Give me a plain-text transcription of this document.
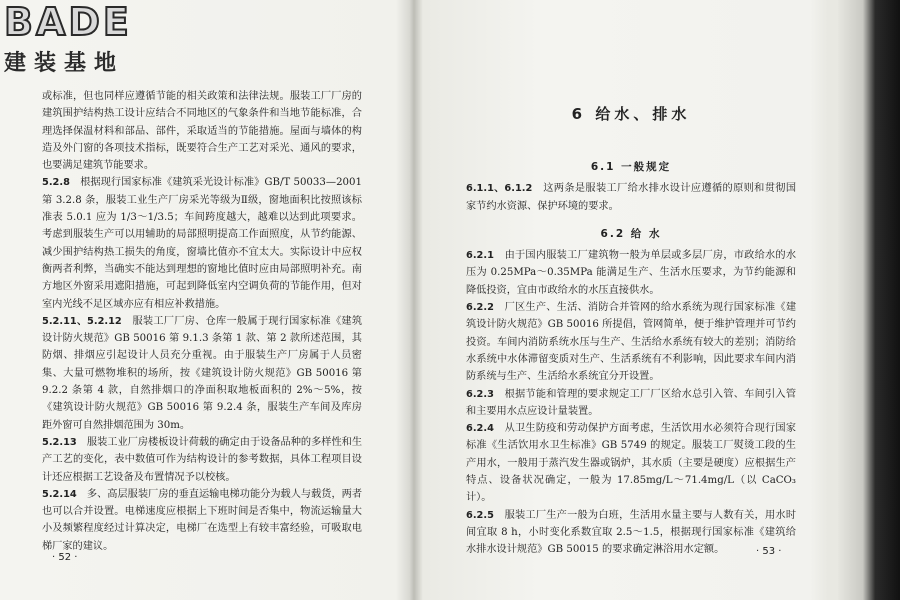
BADE
建装基地

或标准，但也同样应遵循节能的相关政策和法律法规。服装工厂厂房的建筑围护结构热工设计应结合不同地区的气象条件和当地节能标准，合理选择保温材料和部品、部件，采取适当的节能措施。屋面与墙体的构造及外门窗的各项技术指标，既要符合生产工艺对采光、通风的要求，也要满足建筑节能要求。

5.2.8　 根据现行国家标准《建筑采光设计标准》GB/T 50033—2001 第 3.2.8 条，服装工业生产厂房采光等级为Ⅱ级，窗地面积比按照该标准表 5.0.1 应为 1/3～1/3.5；车间跨度越大，越难以达到此项要求。考虑到服装生产可以用辅助的局部照明提高工作面照度，从节约能源、减少围护结构热工损失的角度，窗墙比值亦不宜太大。实际设计中应权衡两者利弊，当确实不能达到理想的窗地比值时应由局部照明补充。南方地区外窗采用遮阳措施，可起到降低室内空调负荷的节能作用，但对室内光线不足区域亦应有相应补救措施。

5.2.11、5.2.12　 服装工厂厂房、仓库一般属于现行国家标准《建筑设计防火规范》GB 50016 第 9.1.3 条第 1 款、第 2 款所述范围，其防烟、排烟应引起设计人员充分重视。由于服装生产厂房属于人员密集、大量可燃物堆积的场所，按《建筑设计防火规范》GB 50016 第 9.2.2 条第 4 款，自然排烟口的净面积取地板面积的 2%～5%，按《建筑设计防火规范》GB 50016 第 9.2.4 条，服装生产车间及库房距外窗可自然排烟范围为 30m。

5.2.13　 服装工业厂房楼板设计荷载的确定由于设备品种的多样性和生产工艺的变化，表中数值可作为结构设计的参考数据，具体工程项目设计还应根据工艺设备及布置情况予以校核。

5.2.14　 多、高层服装厂房的垂直运输电梯功能分为载人与载货，两者也可以合并设置。电梯速度应根据上下班时间是否集中，物流运输量大小及频繁程度经过计算决定，电梯厂在选型上有较丰富经验，可吸取电梯厂家的建议。

· 52 ·
6 给水、排水

6.1 一般规定

6.1.1、6.1.2　 这两条是服装工厂给水排水设计应遵循的原则和贯彻国家节约水资源、保护环境的要求。

6.2 给 水

6.2.1　 由于国内服装工厂建筑物一般为单层或多层厂房，市政给水的水压为 0.25MPa～0.35MPa 能满足生产、生活水压要求，为节约能源和降低投资，宜由市政给水的水压直接供水。

6.2.2　 厂区生产、生活、消防合并管网的给水系统为现行国家标准《建筑设计防火规范》GB 50016 所提倡，管网简单，便于维护管理并可节约投资。车间内消防系统水压与生产、生活给水系统有较大的差别；消防给水系统中水体滞留变质对生产、生活系统有不利影响，因此要求车间内消防系统与生产、生活给水系统宜分开设置。

6.2.3　 根据节能和管理的要求规定工厂厂区给水总引入管、车间引入管和主要用水点应设计量装置。

6.2.4　 从卫生防疫和劳动保护方面考虑，生活饮用水必须符合现行国家标准《生活饮用水卫生标准》GB 5749 的规定。服装工厂熨烫工段的生产用水，一般用于蒸汽发生器或锅炉，其水质（主要是硬度）应根据生产特点、设备状况确定，一般为 17.85mg/L～71.4mg/L（以 CaCO₃ 计）。

6.2.5　 服装工厂生产一般为白班，生活用水量主要与人数有关，用水时间宜取 8 h，小时变化系数宜取 2.5～1.5，根据现行国家标准《建筑给水排水设计规范》GB 50015 的要求确定淋浴用水定额。	· 53 ·
